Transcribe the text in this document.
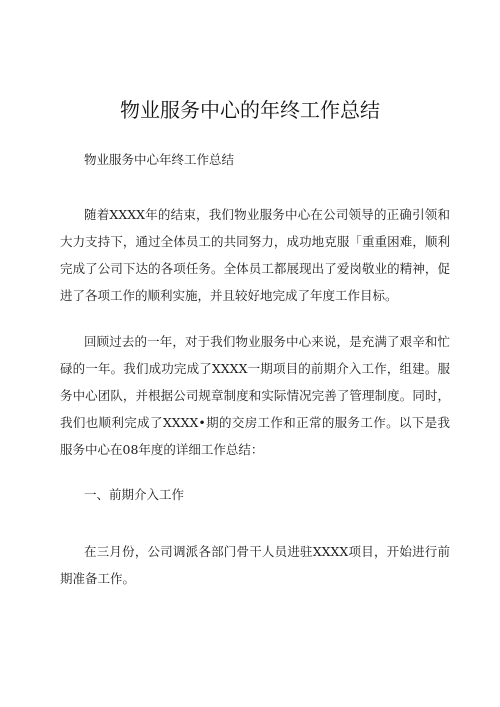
物业服务中心的年终工作总结

物业服务中心年终工作总结

随着XXXX年的结束，我们物业服务中心在公司领导的正确引领和大力支持下，通过全体员工的共同努力，成功地克服「重重困难，顺利完成了公司下达的各项任务。全体员工都展现出了爱岗敬业的精神，促进了各项工作的顺利实施，并且较好地完成了年度工作目标。

回顾过去的一年，对于我们物业服务中心来说，是充满了艰辛和忙碌的一年。我们成功完成了XXXX一期项目的前期介入工作，组建。服务中心团队，并根据公司规章制度和实际情况完善了管理制度。同时，我们也顺利完成了XXXX•期的交房工作和正常的服务工作。以下是我服务中心在08年度的详细工作总结：

一、前期介入工作

在三月份，公司调派各部门骨干人员进驻XXXX项目，开始进行前期准备工作。
